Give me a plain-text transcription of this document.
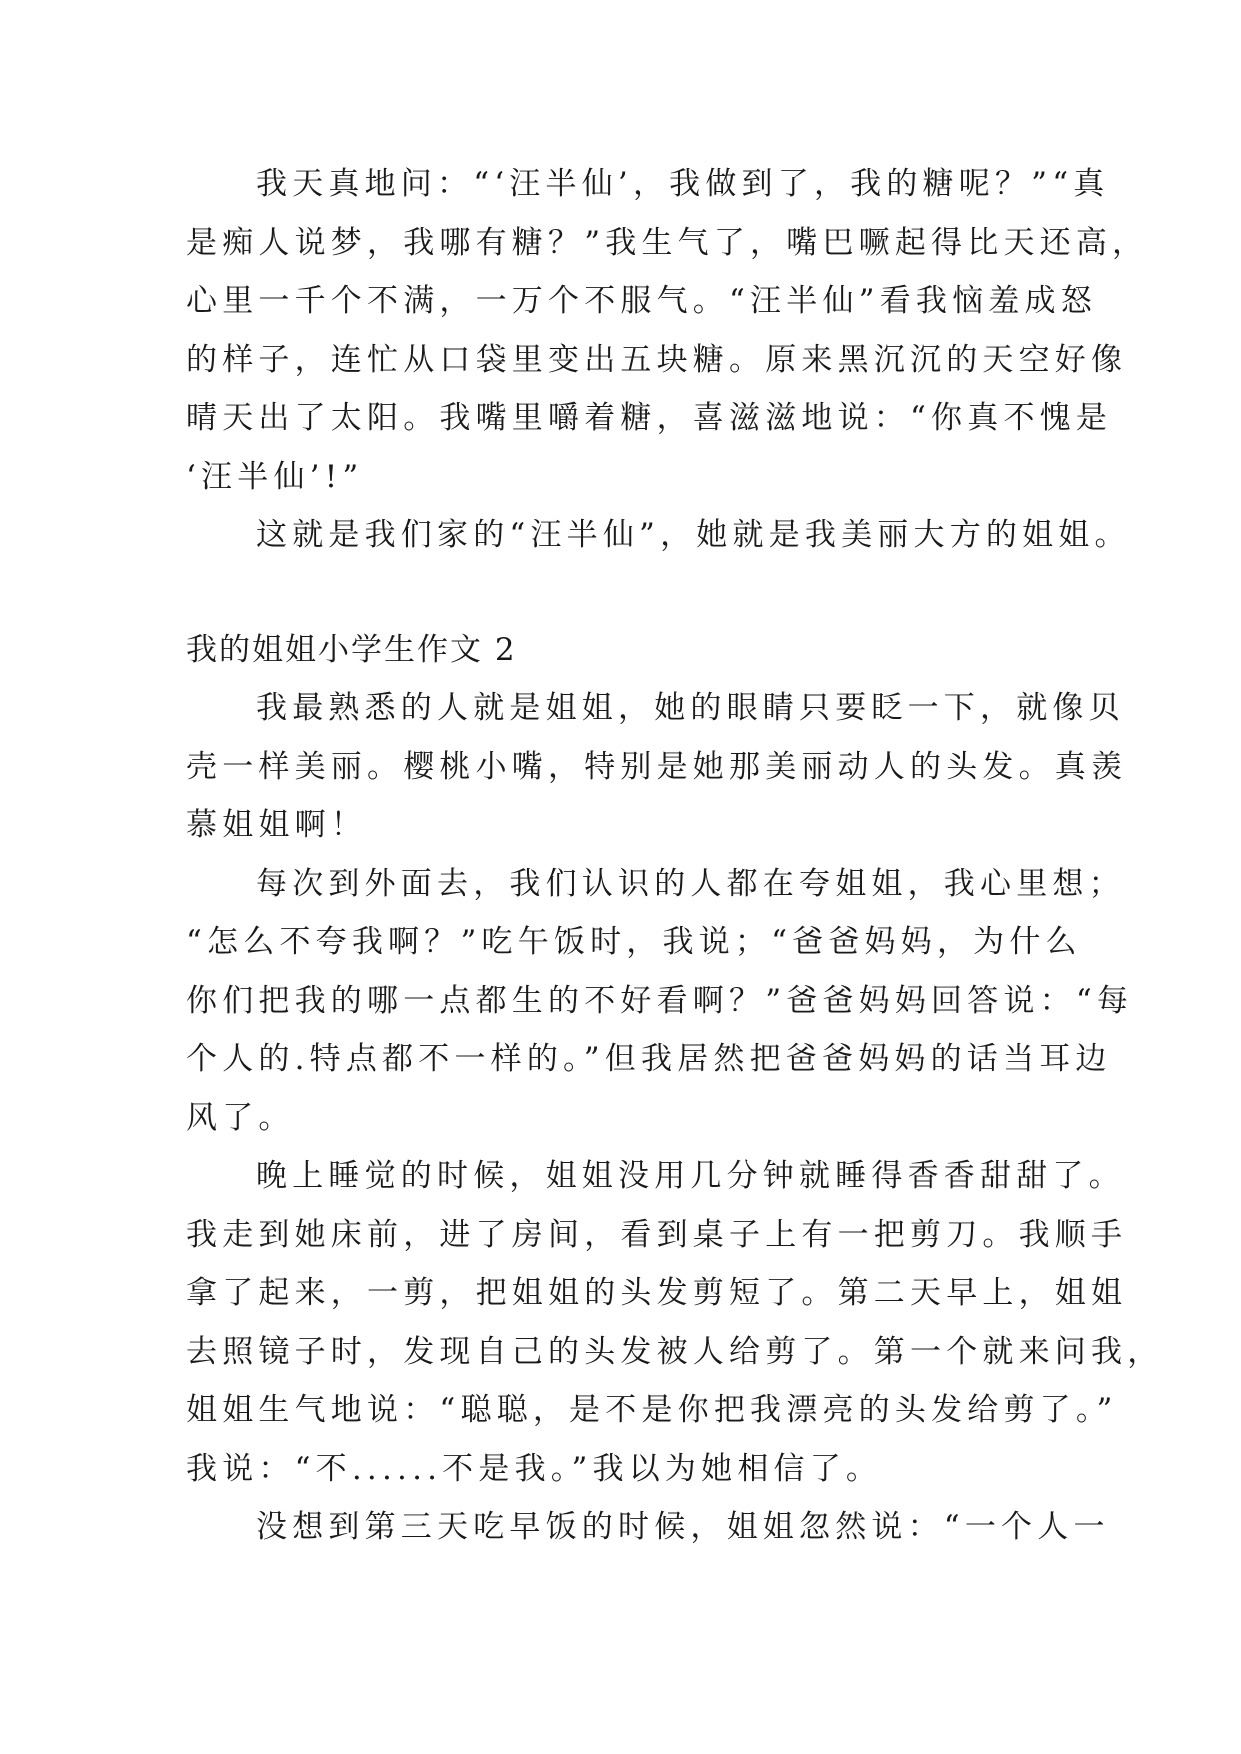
我天真地问：“‘汪半仙’，我做到了，我的糖呢？”“真

是痴人说梦，我哪有糖？”我生气了，嘴巴噘起得比天还高，

心里一千个不满，一万个不服气。“汪半仙”看我恼羞成怒

的样子，连忙从口袋里变出五块糖。原来黑沉沉的天空好像

晴天出了太阳。我嘴里嚼着糖，喜滋滋地说：“你真不愧是

‘汪半仙’!”

这就是我们家的“汪半仙”，她就是我美丽大方的姐姐。

我的姐姐小学生作文 2

我最熟悉的人就是姐姐，她的眼睛只要眨一下，就像贝

壳一样美丽。樱桃小嘴，特别是她那美丽动人的头发。真羡

慕姐姐啊！

每次到外面去，我们认识的人都在夸姐姐，我心里想；

“怎么不夸我啊？”吃午饭时，我说；“爸爸妈妈，为什么

你们把我的哪一点都生的不好看啊？”爸爸妈妈回答说：“每

个人的.特点都不一样的。”但我居然把爸爸妈妈的话当耳边

风了。

晚上睡觉的时候，姐姐没用几分钟就睡得香香甜甜了。

我走到她床前，进了房间，看到桌子上有一把剪刀。我顺手

拿了起来，一剪，把姐姐的头发剪短了。第二天早上，姐姐

去照镜子时，发现自己的头发被人给剪了。第一个就来问我，

姐姐生气地说：“聪聪，是不是你把我漂亮的头发给剪了。”

我说：“不......不是我。”我以为她相信了。

没想到第三天吃早饭的时候，姐姐忽然说：“一个人一
